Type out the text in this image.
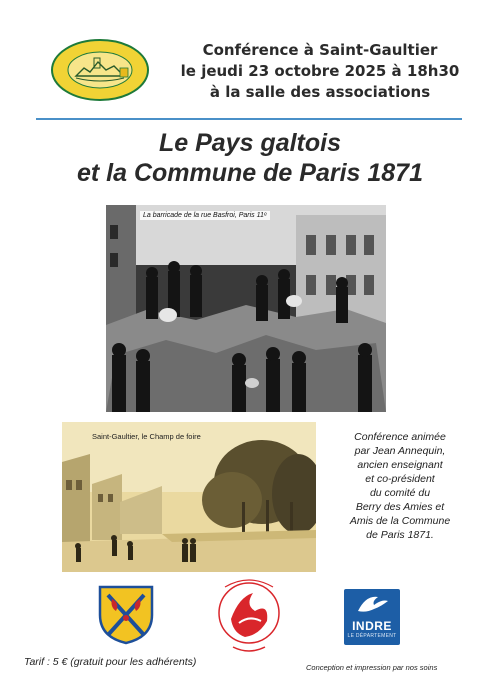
Conférence à Saint-Gaultier
le jeudi 23 octobre 2025 à 18h30
à la salle des associations
Le Pays galtois
et la Commune de Paris 1871
La barricade de la rue Basfroi, Paris 11ᵉ
Saint-Gaultier, le Champ de foire	Conférence animée
par Jean Annequin,
ancien enseignant
et co-président
du comité du
Berry des Amies et
Amis de la Commune
de Paris 1871.
INDRE
LE DÉPARTEMENT
Tarif : 5 € (gratuit pour les adhérents)	Conception et impression par nos soins
